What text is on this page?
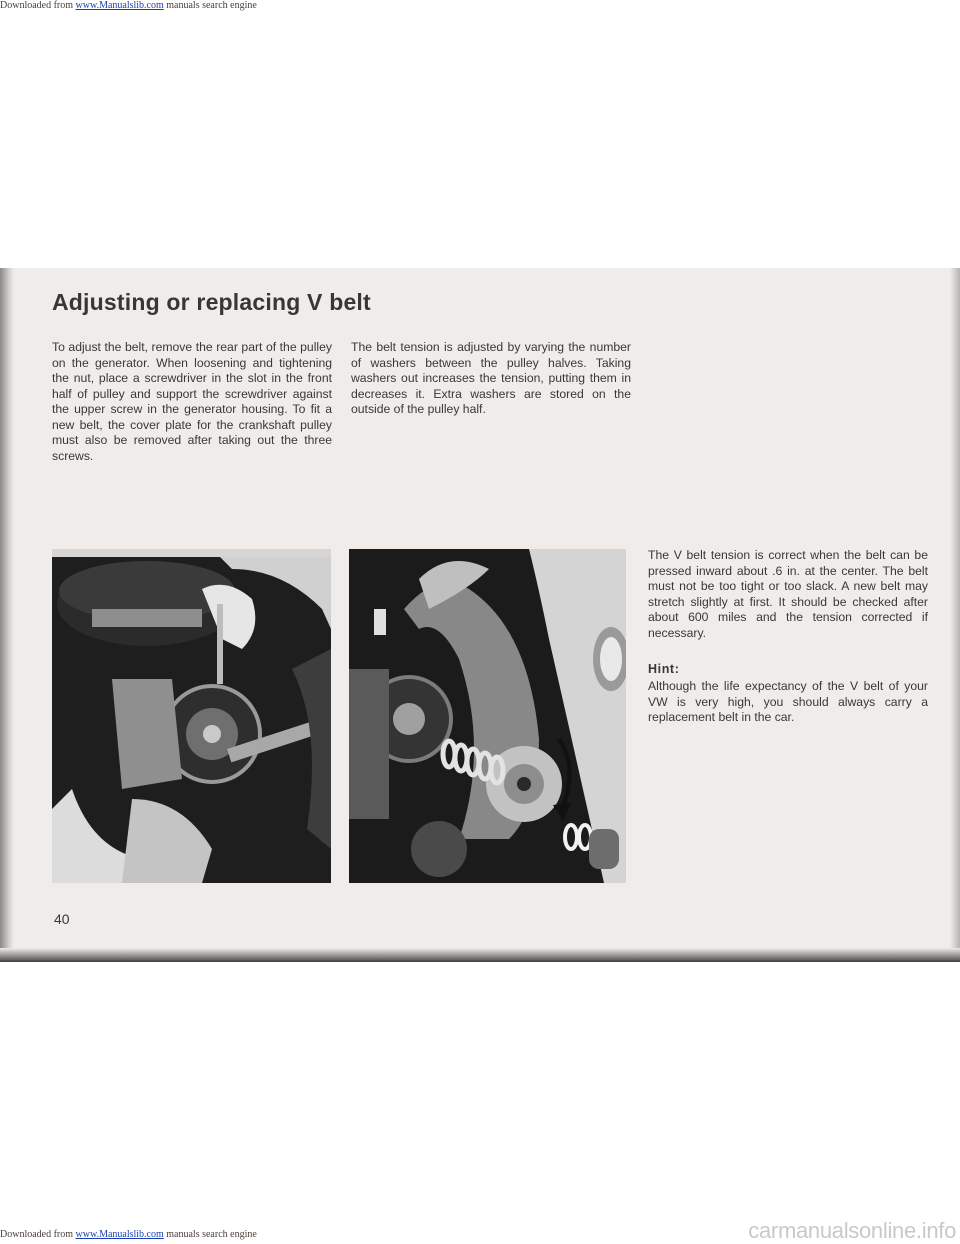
Downloaded from www.Manualslib.com manuals search engine
Adjusting or replacing V belt
To adjust the belt, remove the rear part of the pulley on the generator. When loosening and tightening the nut, place a screwdriver in the slot in the front half of pulley and support the screwdriver against the upper screw in the generator housing. To fit a new belt, the cover plate for the crankshaft pulley must also be removed after taking out the three screws.
The belt tension is adjusted by varying the number of washers between the pulley halves. Taking washers out increases the tension, putting them in decreases it. Extra washers are stored on the outside of the pulley half.
The V belt tension is correct when the belt can be pressed inward about .6 in. at the center. The belt must not be too tight or too slack. A new belt may stretch slightly at first. It should be checked after about 600 miles and the tension corrected if necessary.
Hint:
Although the life expectancy of the V belt of your VW is very high, you should always carry a replacement belt in the car.
40
carmanualsonline.info
Downloaded from www.Manualslib.com manuals search engine
